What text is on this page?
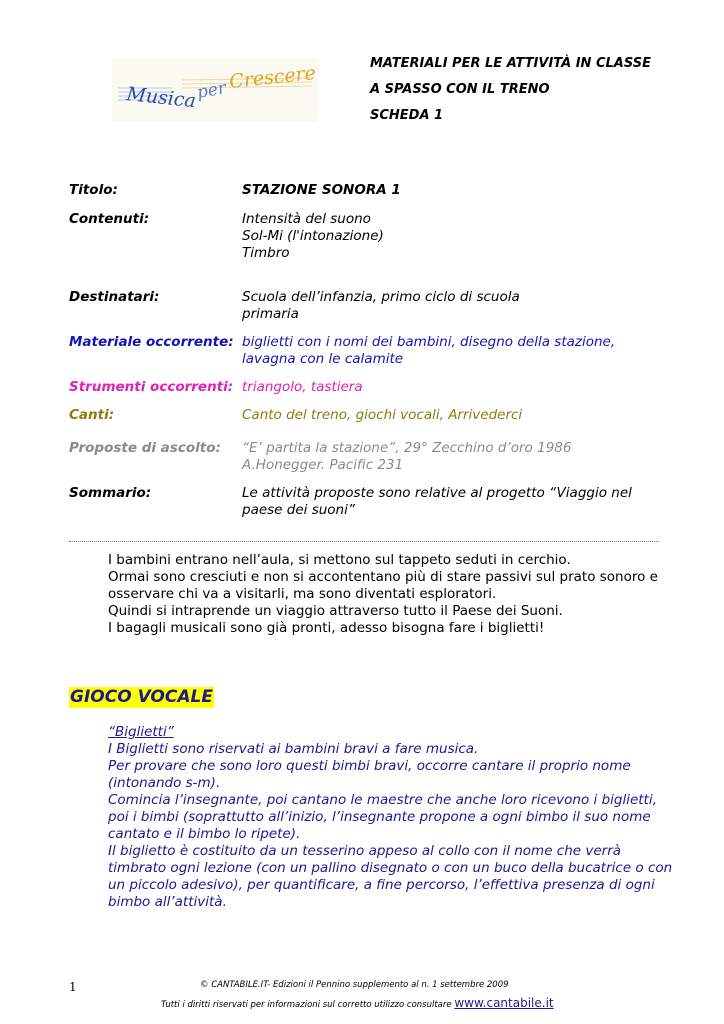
Musica
per Crescere
Musica per Crescere
MATERIALI PER LE ATTIVITÀ IN CLASSE
A SPASSO CON IL TRENO
SCHEDA 1
Titolo:	STAZIONE SONORA 1
Contenuti:	Intensità del suono
Sol-Mi (l'intonazione)
Timbro
Destinatari:	Scuola dell’infanzia, primo ciclo di scuola
primaria
Materiale occorrente: biglietti con i nomi dei bambini, disegno della stazione,
lavagna con le calamite
Strumenti occorrenti: triangolo, tastiera
Canti:	Canto del treno, giochi vocali, Arrivederci
Proposte di ascolto: “E’ partita la stazione”, 29° Zecchino d’oro 1986
A.Honegger. Pacific 231
Sommario:	Le attività proposte sono relative al progetto “Viaggio nel
paese dei suoni”
I bambini entrano nell’aula, si mettono sul tappeto seduti in cerchio.
Ormai sono cresciuti e non si accontentano più di stare passivi sul prato sonoro e
osservare chi va a visitarli, ma sono diventati esploratori.
Quindi si intraprende un viaggio attraverso tutto il Paese dei Suoni.
I bagagli musicali sono già pronti, adesso bisogna fare i biglietti!
GIOCO VOCALE
“Biglietti”
I Biglietti sono riservati ai bambini bravi a fare musica.
Per provare che sono loro questi bimbi bravi, occorre cantare il proprio nome
(intonando s-m).
Comincia l’insegnante, poi cantano le maestre che anche loro ricevono i biglietti,
poi i bimbi (soprattutto all’inizio, l’insegnante propone a ogni bimbo il suo nome
cantato e il bimbo lo ripete).
Il biglietto è costituito da un tesserino appeso al collo con il nome che verrà
timbrato ogni lezione (con un pallino disegnato o con un buco della bucatrice o con
un piccolo adesivo), per quantificare, a fine percorso, l’effettiva presenza di ogni
bimbo all’attività.
1	© CANTABILE.IT- Edizioni il Pennino supplemento al n. 1 settembre 2009
Tutti i diritti riservati per informazioni sul corretto utilizzo consultare www.cantabile.it
